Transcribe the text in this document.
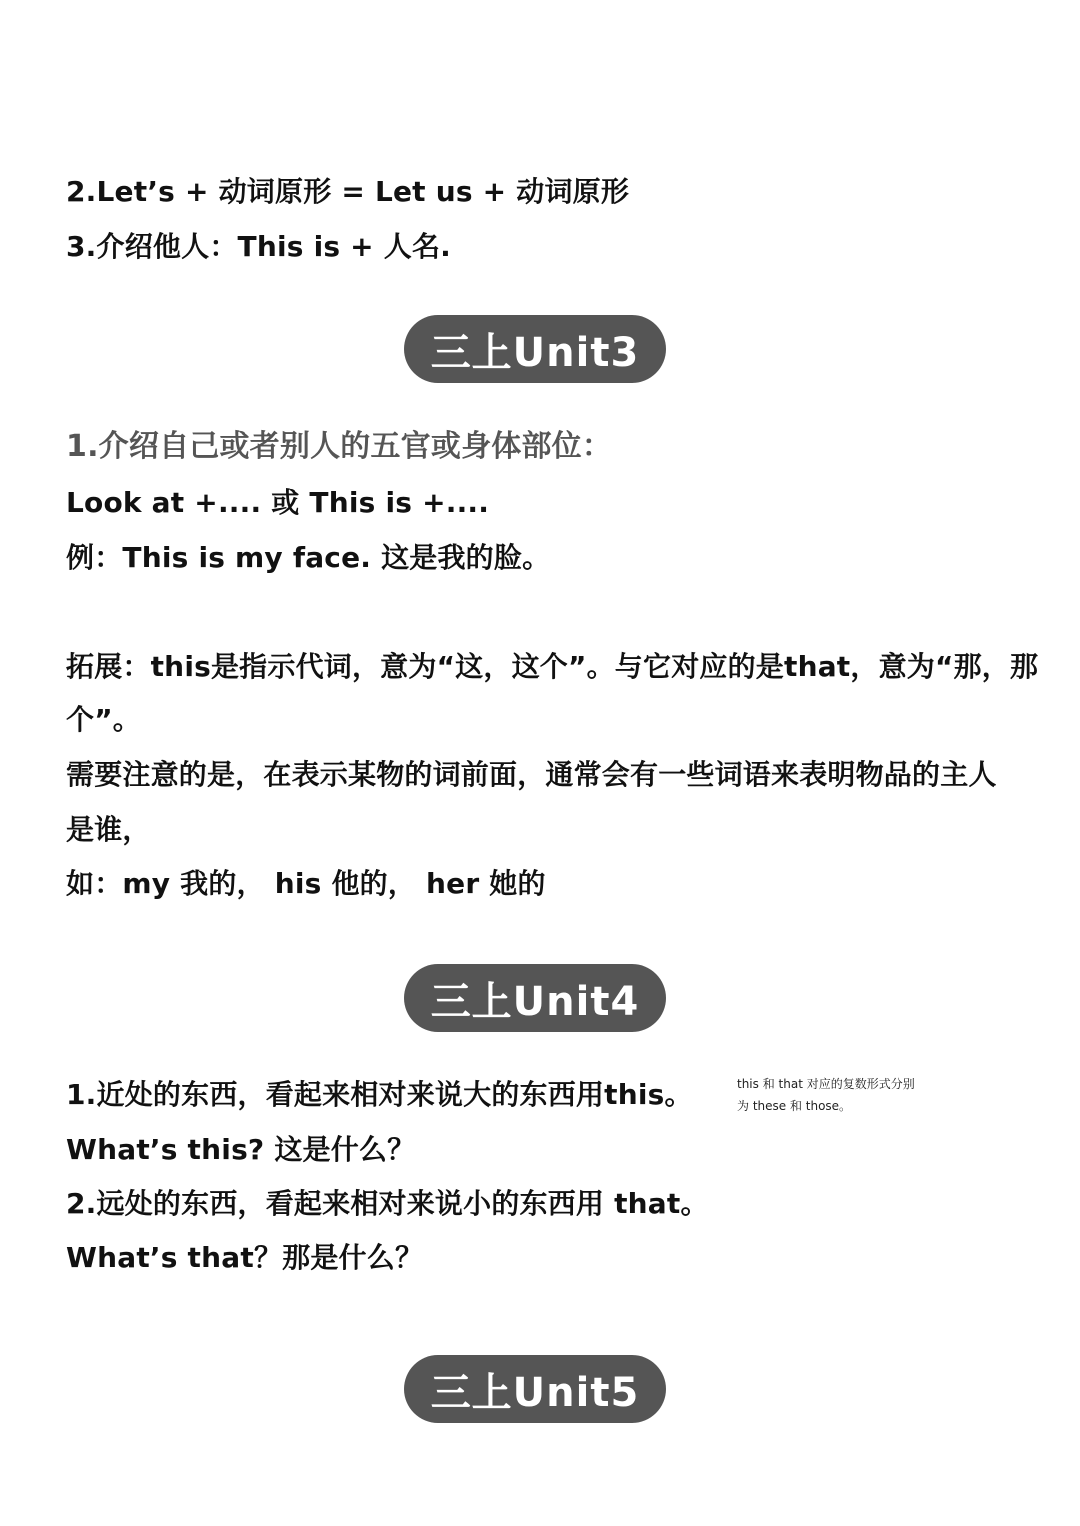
2.Let’s + 动词原形 = Let us + 动词原形

3.介绍他人：This is + 人名.

三上Unit3

1.介绍自己或者别人的五官或身体部位：

Look at +.... 或 This is +....

例：This is my face. 这是我的脸。

拓展：this是指示代词，意为“这，这个”。与它对应的是that，意为“那，那

个”。

需要注意的是，在表示某物的词前面，通常会有一些词语来表明物品的主人

是谁，

如：my 我的， his 他的， her 她的

三上Unit4

1.近处的东西，看起来相对来说大的东西用this。

What’s this? 这是什么？

2.远处的东西，看起来相对来说小的东西用 that。

What’s that？那是什么？

this 和 that 对应的复数形式分别

为 these 和 those。

三上Unit5
